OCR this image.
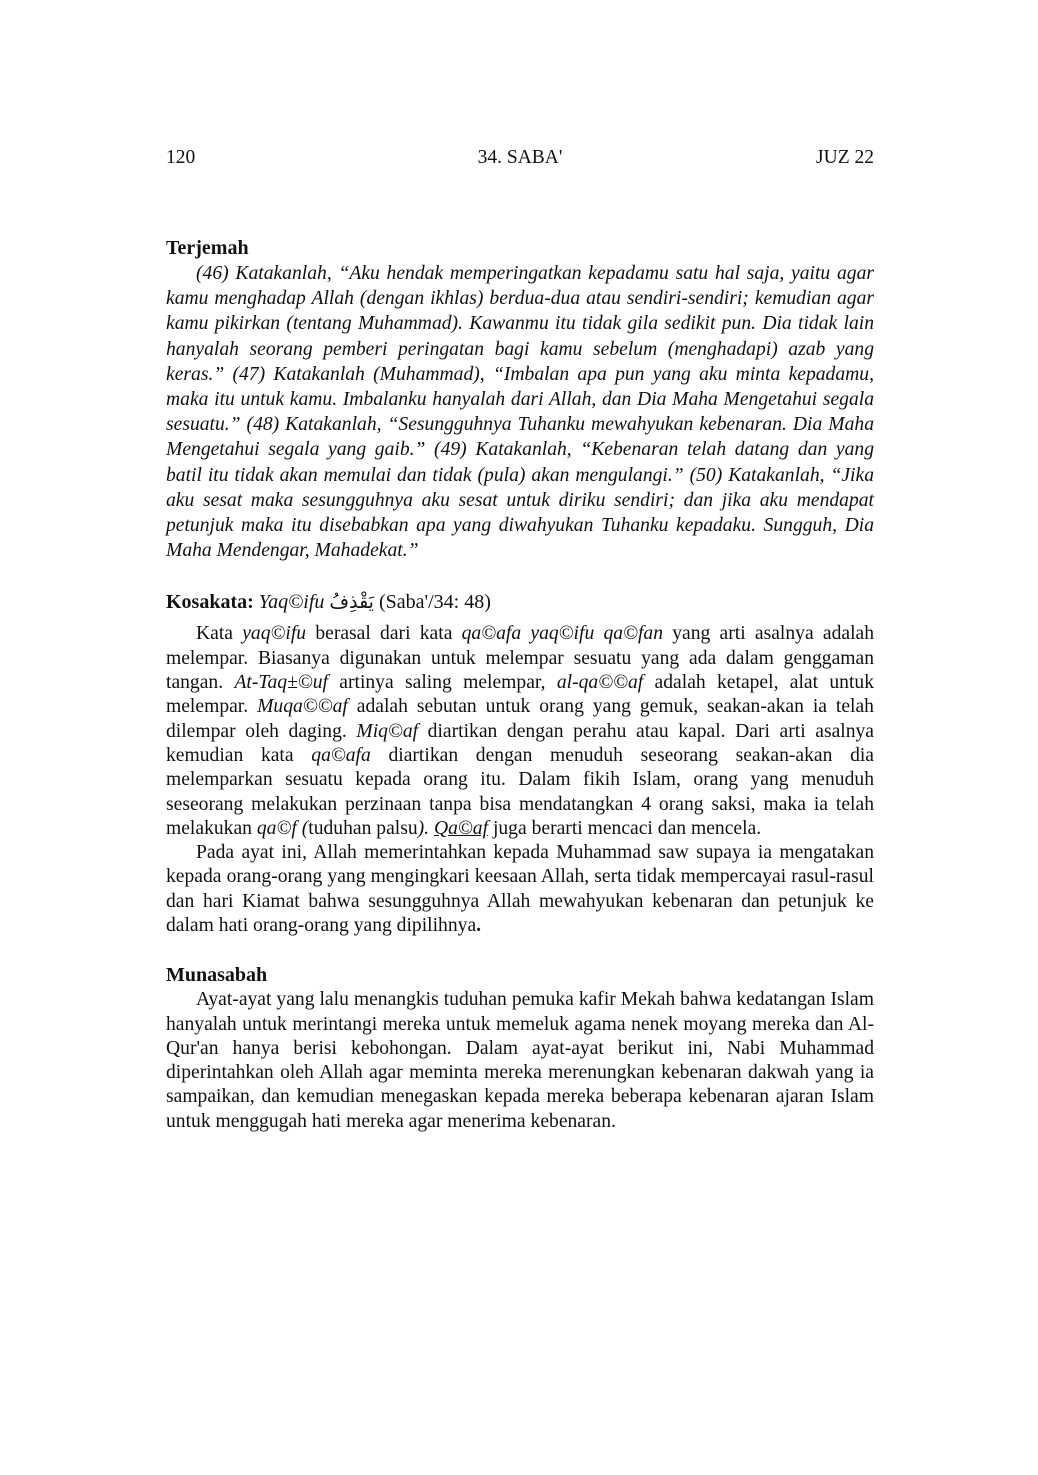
120	34. SABA'	JUZ 22
Terjemah

(46) Katakanlah, “Aku hendak memperingatkan kepadamu satu hal saja, yaitu agar kamu menghadap Allah (dengan ikhlas) berdua-dua atau sendiri-sendiri; kemudian agar kamu pikirkan (tentang Muhammad). Kawanmu itu tidak gila sedikit pun. Dia tidak lain hanyalah seorang pemberi peringatan bagi kamu sebelum (menghadapi) azab yang keras.” (47) Katakanlah (Muhammad), “Imbalan apa pun yang aku minta kepadamu, maka itu untuk kamu. Imbalanku hanyalah dari Allah, dan Dia Maha Mengetahui segala sesuatu.” (48) Katakanlah, “Sesungguhnya Tuhanku mewahyukan kebenaran. Dia Maha Mengetahui segala yang gaib.” (49) Katakanlah, “Kebenaran telah datang dan yang batil itu tidak akan memulai dan tidak (pula) akan mengulangi.” (50) Katakanlah, “Jika aku sesat maka sesungguhnya aku sesat untuk diriku sendiri; dan jika aku mendapat petunjuk maka itu disebabkan apa yang diwahyukan Tuhanku kepadaku. Sungguh, Dia Maha Mendengar, Mahadekat.”

Kosakata: Yaq©ifu يَقْذِفُ (Saba'/34: 48)

Kata yaq©ifu berasal dari kata qa©afa yaq©ifu qa©fan yang arti asalnya adalah melempar. Biasanya digunakan untuk melempar sesuatu yang ada dalam genggaman tangan. At-Taq±©uf artinya saling melempar, al-qa©©af adalah ketapel, alat untuk melempar. Muqa©©af adalah sebutan untuk orang yang gemuk, seakan-akan ia telah dilempar oleh daging. Miq©af diartikan dengan perahu atau kapal. Dari arti asalnya kemudian kata qa©afa diartikan dengan menuduh seseorang seakan-akan dia melemparkan sesuatu kepada orang itu. Dalam fikih Islam, orang yang menuduh seseorang melakukan perzinaan tanpa bisa mendatangkan 4 orang saksi, maka ia telah melakukan qa©f (tuduhan palsu). Qa©af juga berarti mencaci dan mencela.

Pada ayat ini, Allah memerintahkan kepada Muhammad saw supaya ia mengatakan kepada orang-orang yang mengingkari keesaan Allah, serta tidak mempercayai rasul-rasul dan hari Kiamat bahwa sesungguhnya Allah mewahyukan kebenaran dan petunjuk ke dalam hati orang-orang yang dipilihnya.

Munasabah

Ayat-ayat yang lalu menangkis tuduhan pemuka kafir Mekah bahwa kedatangan Islam hanyalah untuk merintangi mereka untuk memeluk agama nenek moyang mereka dan Al-Qur'an hanya berisi kebohongan. Dalam ayat-ayat berikut ini, Nabi Muhammad diperintahkan oleh Allah agar meminta mereka merenungkan kebenaran dakwah yang ia sampaikan, dan kemudian menegaskan kepada mereka beberapa kebenaran ajaran Islam untuk menggugah hati mereka agar menerima kebenaran.
